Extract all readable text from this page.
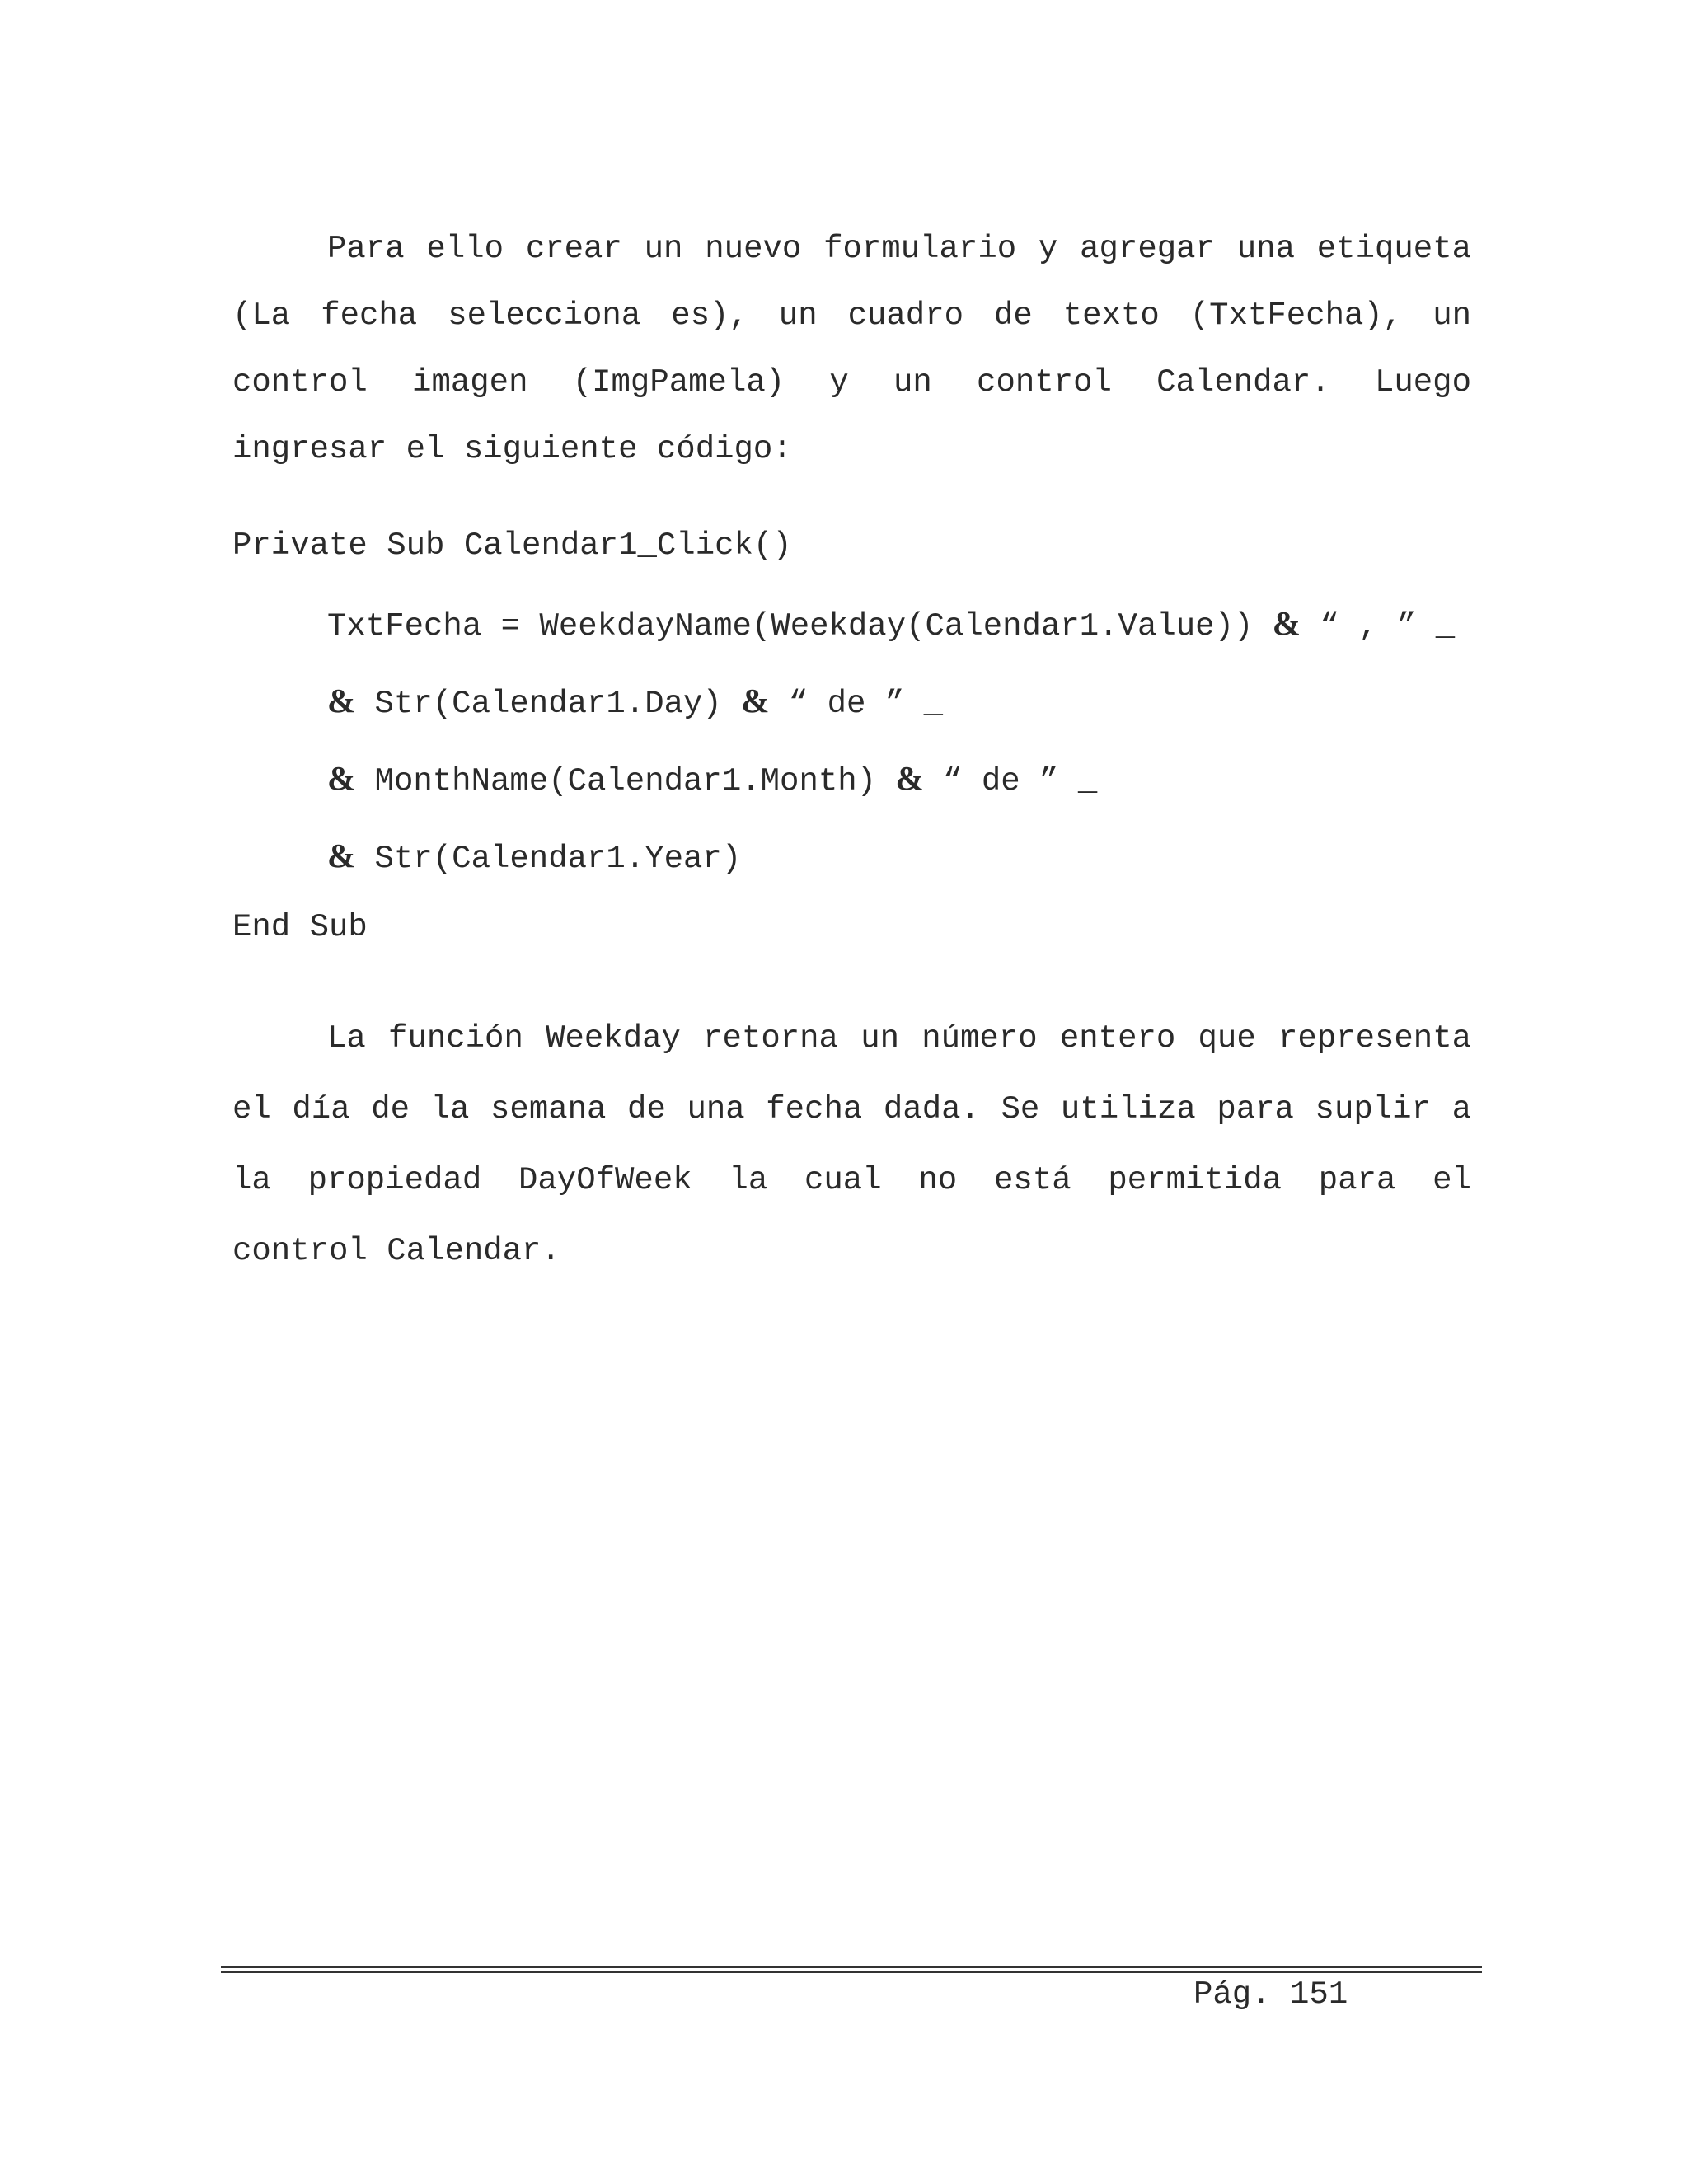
Para ello crear un nuevo formulario y agregar una etiqueta
(La fecha selecciona es), un cuadro de texto (TxtFecha), un
control imagen (ImgPamela) y un control Calendar. Luego
ingresar el siguiente código:

Private Sub Calendar1_Click()

TxtFecha = WeekdayName(Weekday(Calendar1.Value)) & “ , ” _

& Str(Calendar1.Day) & “ de ” _

& MonthName(Calendar1.Month) & “ de ” _

& Str(Calendar1.Year)

End Sub

La función Weekday retorna un número entero que representa
el día de la semana de una fecha dada. Se utiliza para suplir a
la propiedad DayOfWeek la cual no está permitida para el
control Calendar.
Pág. 151
